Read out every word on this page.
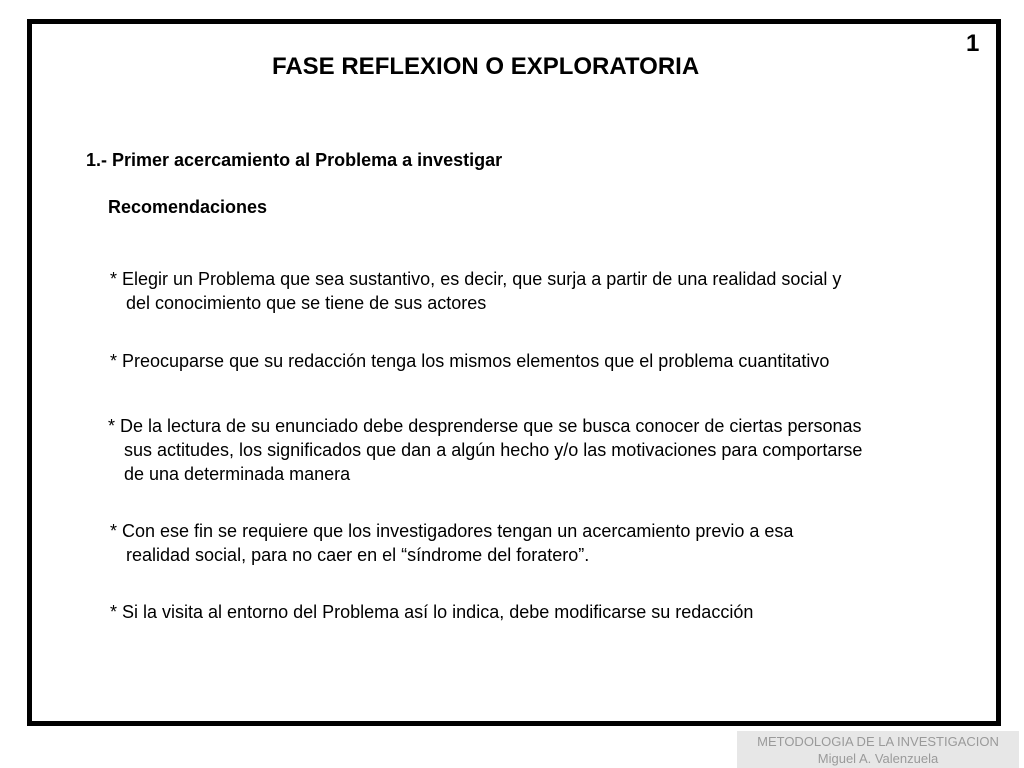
1
FASE REFLEXION O EXPLORATORIA
1.- Primer acercamiento al Problema a investigar
Recomendaciones
* Elegir un Problema que sea sustantivo, es decir, que surja a partir de una realidad social y
del conocimiento que se tiene de sus actores
* Preocuparse que su redacción tenga los mismos elementos que el problema cuantitativo
* De la lectura de su enunciado debe desprenderse que se busca conocer de ciertas personas
sus actitudes, los significados que dan a algún hecho y/o las motivaciones para comportarse
de una determinada manera
* Con ese fin se requiere que los investigadores tengan un acercamiento previo a esa
realidad social, para no caer en el “síndrome del foratero”.
* Si la visita al entorno del Problema así lo indica, debe modificarse su redacción
METODOLOGIA DE LA INVESTIGACION
Miguel A. Valenzuela
